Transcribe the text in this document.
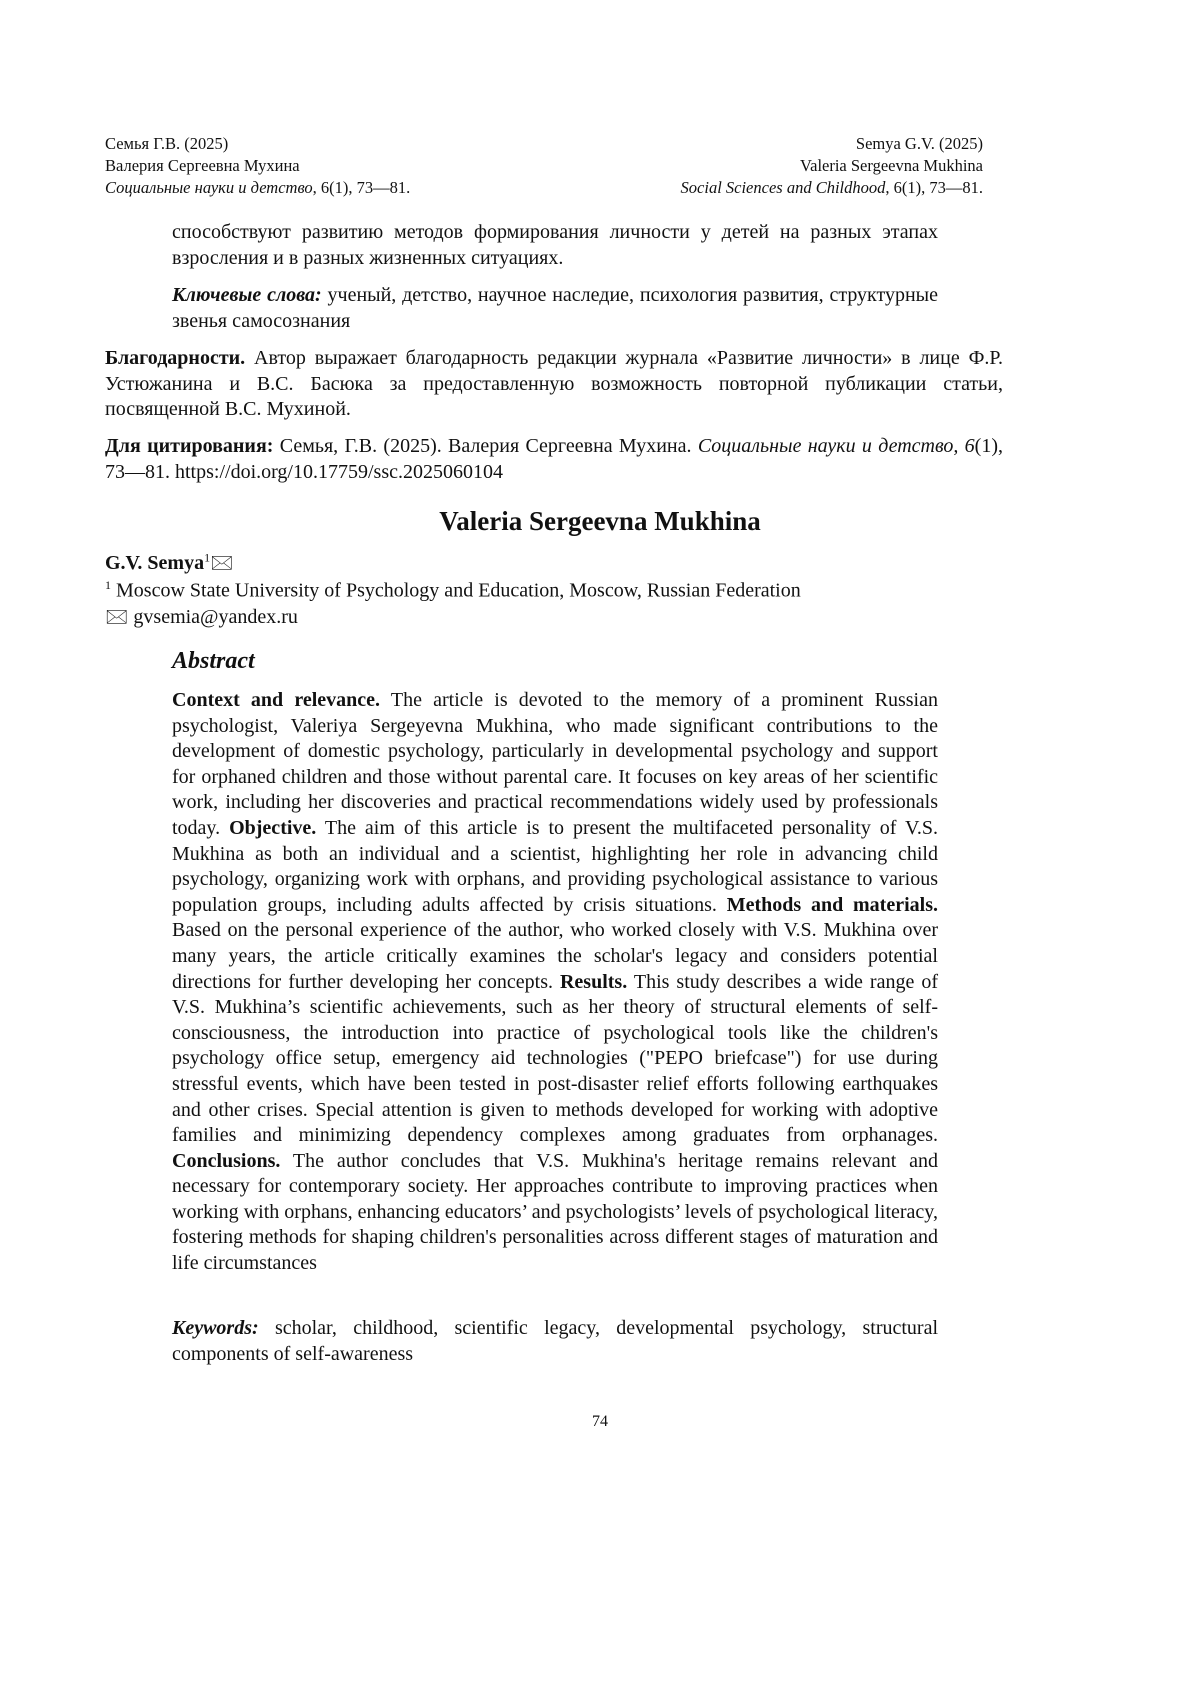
Семья Г.В. (2025)
Валерия Сергеевна Мухина
Социальные науки и детство, 6(1), 73—81.
Semya G.V. (2025)
Valeria Sergeevna Mukhina
Social Sciences and Childhood, 6(1), 73—81.
способствуют развитию методов формирования личности у детей на разных этапах взросления и в разных жизненных ситуациях.
Ключевые слова: ученый, детство, научное наследие, психология развития, структурные звенья самосознания
Благодарности. Автор выражает благодарность редакции журнала «Развитие личности» в лице Ф.Р. Устюжанина и В.С. Басюка за предоставленную возможность повторной публикации статьи, посвященной В.С. Мухиной.
Для цитирования: Семья, Г.В. (2025). Валерия Сергеевна Мухина. Социальные науки и детство, 6(1), 73—81. https://doi.org/10.17759/ssc.2025060104
Valeria Sergeevna Mukhina
G.V. Semya1🖂
1 Moscow State University of Psychology and Education, Moscow, Russian Federation
🖂 gvsemia@yandex.ru
Abstract
Context and relevance. The article is devoted to the memory of a prominent Russian psychologist, Valeriya Sergeyevna Mukhina, who made significant contributions to the development of domestic psychology, particularly in developmental psychology and support for orphaned children and those without parental care. It focuses on key areas of her scientific work, including her discoveries and practical recommendations widely used by professionals today. Objective. The aim of this article is to present the multifaceted personality of V.S. Mukhina as both an individual and a scientist, highlighting her role in advancing child psychology, organizing work with orphans, and providing psychological assistance to various population groups, including adults affected by crisis situations. Methods and materials. Based on the personal experience of the author, who worked closely with V.S. Mukhina over many years, the article critically examines the scholar's legacy and considers potential directions for further developing her concepts. Results. This study describes a wide range of V.S. Mukhina’s scientific achievements, such as her theory of structural elements of self-consciousness, the introduction into practice of psychological tools like the children's psychology office setup, emergency aid technologies ("PEPO briefcase") for use during stressful events, which have been tested in post-disaster relief efforts following earthquakes and other crises. Special attention is given to methods developed for working with adoptive families and minimizing dependency complexes among graduates from orphanages. Conclusions. The author concludes that V.S. Mukhina's heritage remains relevant and necessary for contemporary society. Her approaches contribute to improving practices when working with orphans, enhancing educators’ and psychologists’ levels of psychological literacy, fostering methods for shaping children's personalities across different stages of maturation and life circumstances
Keywords: scholar, childhood, scientific legacy, developmental psychology, structural components of self-awareness
74
